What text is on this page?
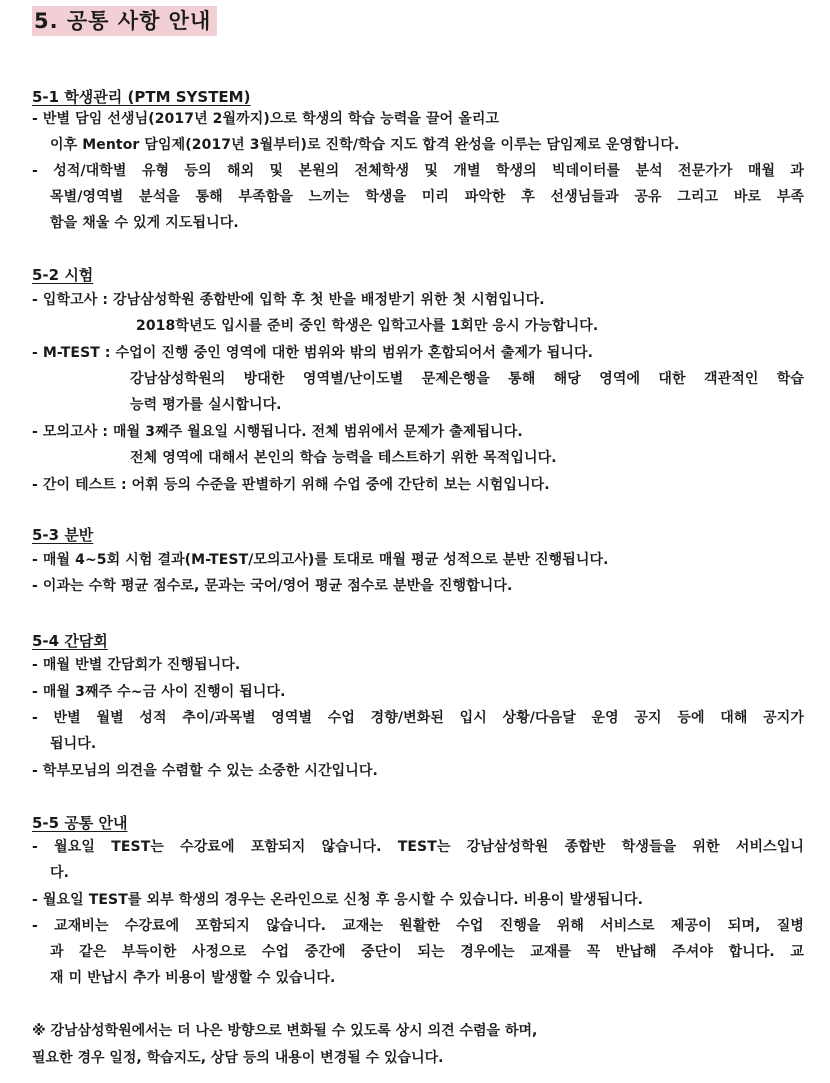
5. 공통 사항 안내
5-1 학생관리 (PTM SYSTEM)
- 반별 담임 선생님(2017년 2월까지)으로 학생의 학습 능력을 끌어 올리고
이후 Mentor 담임제(2017년 3월부터)로 진학/학습 지도 합격 완성을 이루는 담임제로 운영합니다.
- 성적/대학별 유형 등의 해외 및 본원의 전체학생 및 개별 학생의 빅데이터를 분석 전문가가 매월 과
목별/영역별 분석을 통해 부족함을 느끼는 학생을 미리 파악한 후 선생님들과 공유 그리고 바로 부족
함을 채울 수 있게 지도됩니다.
5-2 시험
- 입학고사 : 강남삼성학원 종합반에 입학 후 첫 반을 배정받기 위한 첫 시험입니다.
2018학년도 입시를 준비 중인 학생은 입학고사를 1회만 응시 가능합니다.
- M-TEST : 수업이 진행 중인 영역에 대한 범위와 밖의 범위가 혼합되어서 출제가 됩니다.
강남삼성학원의 방대한 영역별/난이도별 문제은행을 통해 해당 영역에 대한 객관적인 학습
능력 평가를 실시합니다.
- 모의고사 : 매월 3째주 월요일 시행됩니다. 전체 범위에서 문제가 출제됩니다.
전체 영역에 대해서 본인의 학습 능력을 테스트하기 위한 목적입니다.
- 간이 테스트 : 어휘 등의 수준을 판별하기 위해 수업 중에 간단히 보는 시험입니다.
5-3 분반
- 매월 4~5회 시험 결과(M-TEST/모의고사)를 토대로 매월 평균 성적으로 분반 진행됩니다.
- 이과는 수학 평균 점수로, 문과는 국어/영어 평균 점수로 분반을 진행합니다.
5-4 간담회
- 매월 반별 간담회가 진행됩니다.
- 매월 3째주 수~금 사이 진행이 됩니다.
- 반별 월별 성적 추이/과목별 영역별 수업 경향/변화된 입시 상황/다음달 운영 공지 등에 대해 공지가
됩니다.
- 학부모님의 의견을 수렴할 수 있는 소중한 시간입니다.
5-5 공통 안내
- 월요일 TEST는 수강료에 포함되지 않습니다. TEST는 강남삼성학원 종합반 학생들을 위한 서비스입니
다.
- 월요일 TEST를 외부 학생의 경우는 온라인으로 신청 후 응시할 수 있습니다. 비용이 발생됩니다.
- 교재비는 수강료에 포함되지 않습니다. 교재는 원활한 수업 진행을 위해 서비스로 제공이 되며, 질병
과 같은 부득이한 사정으로 수업 중간에 중단이 되는 경우에는 교재를 꼭 반납해 주셔야 합니다. 교
재 미 반납시 추가 비용이 발생할 수 있습니다.
※ 강남삼성학원에서는 더 나은 방향으로 변화될 수 있도록 상시 의견 수렴을 하며,
필요한 경우 일정, 학습지도, 상담 등의 내용이 변경될 수 있습니다.
